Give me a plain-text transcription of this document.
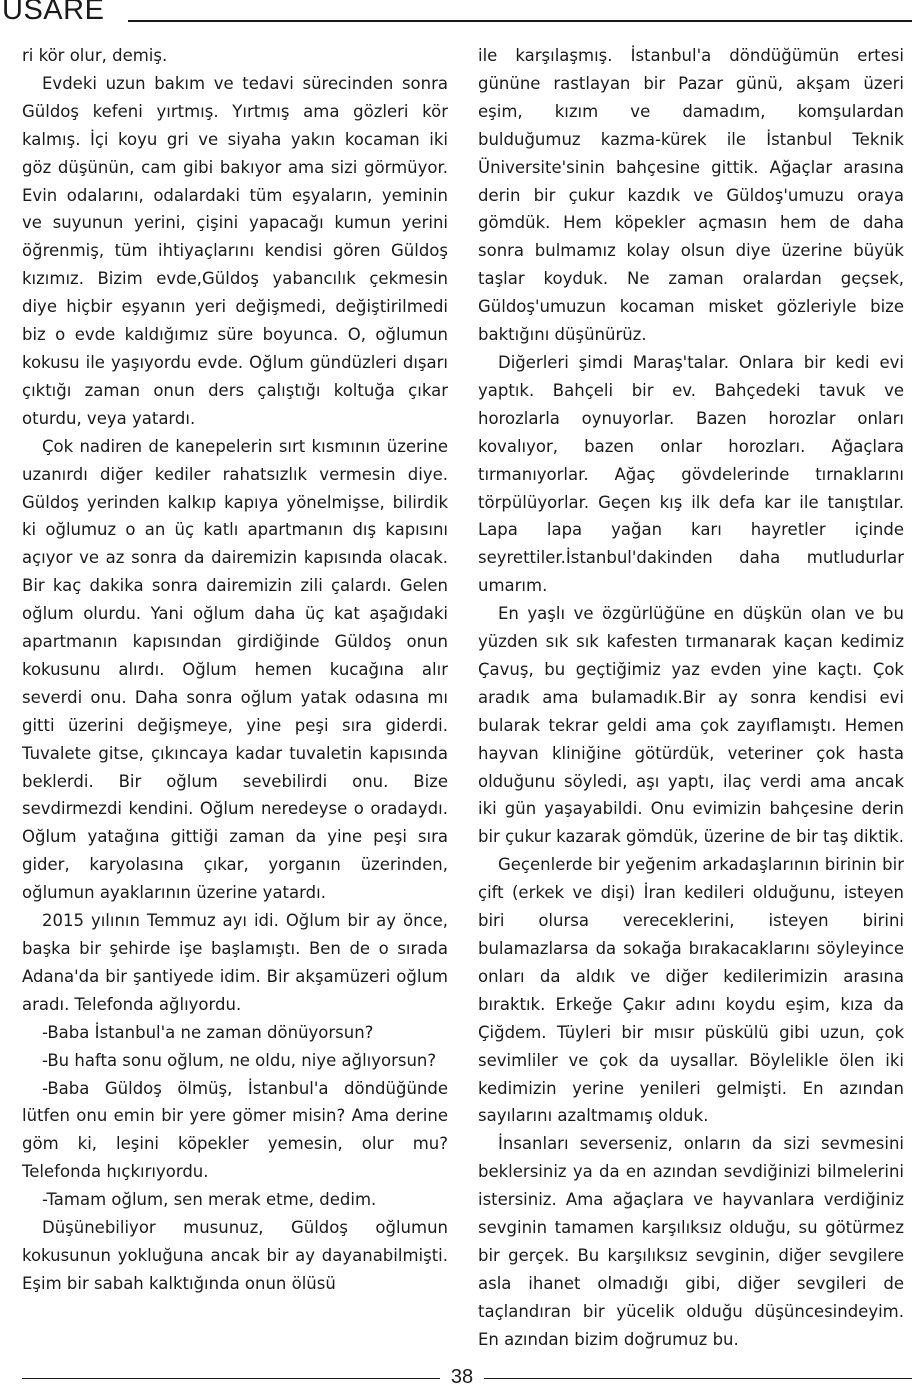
USARE

ri kör olur, demiş.

Evdeki uzun bakım ve tedavi sürecinden sonra Güldoş kefeni yırtmış. Yırtmış ama gözleri kör kalmış. İçi koyu gri ve siyaha yakın kocaman iki göz düşünün, cam gibi bakıyor ama sizi görmüyor. Evin odalarını, odalardaki tüm eşyaların, yeminin ve suyunun yerini, çişini yapacağı kumun yerini öğrenmiş, tüm ihtiyaçlarını kendisi gören Güldoş kızımız. Bizim evde,Güldoş yabancılık çekmesin diye hiçbir eşyanın yeri değişmedi, değiştirilmedi biz o evde kaldığımız süre boyunca. O, oğlumun kokusu ile yaşıyordu evde. Oğlum gündüzleri dışarı çıktığı zaman onun ders çalıştığı koltuğa çıkar oturdu, veya yatardı.

Çok nadiren de kanepelerin sırt kısmının üzerine uzanırdı diğer kediler rahatsızlık vermesin diye. Güldoş yerinden kalkıp kapıya yönelmişse, bilirdik ki oğlumuz o an üç katlı apartmanın dış kapısını açıyor ve az sonra da dairemizin kapısında olacak. Bir kaç dakika sonra dairemizin zili çalardı. Gelen oğlum olurdu. Yani oğlum daha üç kat aşağıdaki apartmanın kapısından girdiğinde Güldoş onun kokusunu alırdı. Oğlum hemen kucağına alır severdi onu. Daha sonra oğlum yatak odasına mı gitti üzerini değişmeye, yine peşi sıra giderdi. Tuvalete gitse, çıkıncaya kadar tuvaletin kapısında beklerdi. Bir oğlum sevebilirdi onu. Bize sevdirmezdi kendini. Oğlum neredeyse o oradaydı. Oğlum yatağına gittiği zaman da yine peşi sıra gider, karyolasına çıkar, yorganın üzerinden, oğlumun ayaklarının üzerine yatardı.

2015 yılının Temmuz ayı idi. Oğlum bir ay önce, başka bir şehirde işe başlamıştı. Ben de o sırada Adana'da bir şantiyede idim. Bir akşamüzeri oğlum aradı. Telefonda ağlıyordu.

-Baba İstanbul'a ne zaman dönüyorsun?

-Bu hafta sonu oğlum, ne oldu, niye ağlıyorsun?

-Baba Güldoş ölmüş, İstanbul'a döndüğünde lütfen onu emin bir yere gömer misin? Ama derine göm ki, leşini köpekler yemesin, olur mu? Telefonda hıçkırıyordu.

-Tamam oğlum, sen merak etme, dedim.

Düşünebiliyor musunuz, Güldoş oğlumun kokusunun yokluğuna ancak bir ay dayanabilmişti. Eşim bir sabah kalktığında onun ölüsü

ile karşılaşmış. İstanbul'a döndüğümün ertesi gününe rastlayan bir Pazar günü, akşam üzeri eşim, kızım ve damadım, komşulardan bulduğumuz kazma-kürek ile İstanbul Teknik Üniversite'sinin bahçesine gittik. Ağaçlar arasına derin bir çukur kazdık ve Güldoş'umuzu oraya gömdük. Hem köpekler açmasın hem de daha sonra bulmamız kolay olsun diye üzerine büyük taşlar koyduk. Ne zaman oralardan geçsek, Güldoş'umuzun kocaman misket gözleriyle bize baktığını düşünürüz.

Diğerleri şimdi Maraş'talar. Onlara bir kedi evi yaptık. Bahçeli bir ev. Bahçedeki tavuk ve horozlarla oynuyorlar. Bazen horozlar onları kovalıyor, bazen onlar horozları. Ağaçlara tırmanıyorlar. Ağaç gövdelerinde tırnaklarını törpülüyorlar. Geçen kış ilk defa kar ile tanıştılar. Lapa lapa yağan karı hayretler içinde seyrettiler.İstanbul'dakinden daha mutludurlar umarım.

En yaşlı ve özgürlüğüne en düşkün olan ve bu yüzden sık sık kafesten tırmanarak kaçan kedimiz Çavuş, bu geçtiğimiz yaz evden yine kaçtı. Çok aradık ama bulamadık.Bir ay sonra kendisi evi bularak tekrar geldi ama çok zayıflamıştı. Hemen hayvan kliniğine götürdük, veteriner çok hasta olduğunu söyledi, aşı yaptı, ilaç verdi ama ancak iki gün yaşayabildi. Onu evimizin bahçesine derin bir çukur kazarak gömdük, üzerine de bir taş diktik.

Geçenlerde bir yeğenim arkadaşlarının birinin bir çift (erkek ve dişi) İran kedileri olduğunu, isteyen biri olursa vereceklerini, isteyen birini bulamazlarsa da sokağa bırakacaklarını söyleyince onları da aldık ve diğer kedilerimizin arasına bıraktık. Erkeğe Çakır adını koydu eşim, kıza da Çiğdem. Tüyleri bir mısır püskülü gibi uzun, çok sevimliler ve çok da uysallar. Böylelikle ölen iki kedimizin yerine yenileri gelmişti. En azından sayılarını azaltmamış olduk.

İnsanları severseniz, onların da sizi sevmesini beklersiniz ya da en azından sevdiğinizi bilmelerini istersiniz. Ama ağaçlara ve hayvanlara verdiğiniz sevginin tamamen karşılıksız olduğu, su götürmez bir gerçek. Bu karşılıksız sevginin, diğer sevgilere asla ihanet olmadığı gibi, diğer sevgileri de taçlandıran bir yücelik olduğu düşüncesindeyim. En azından bizim doğrumuz bu.

38
